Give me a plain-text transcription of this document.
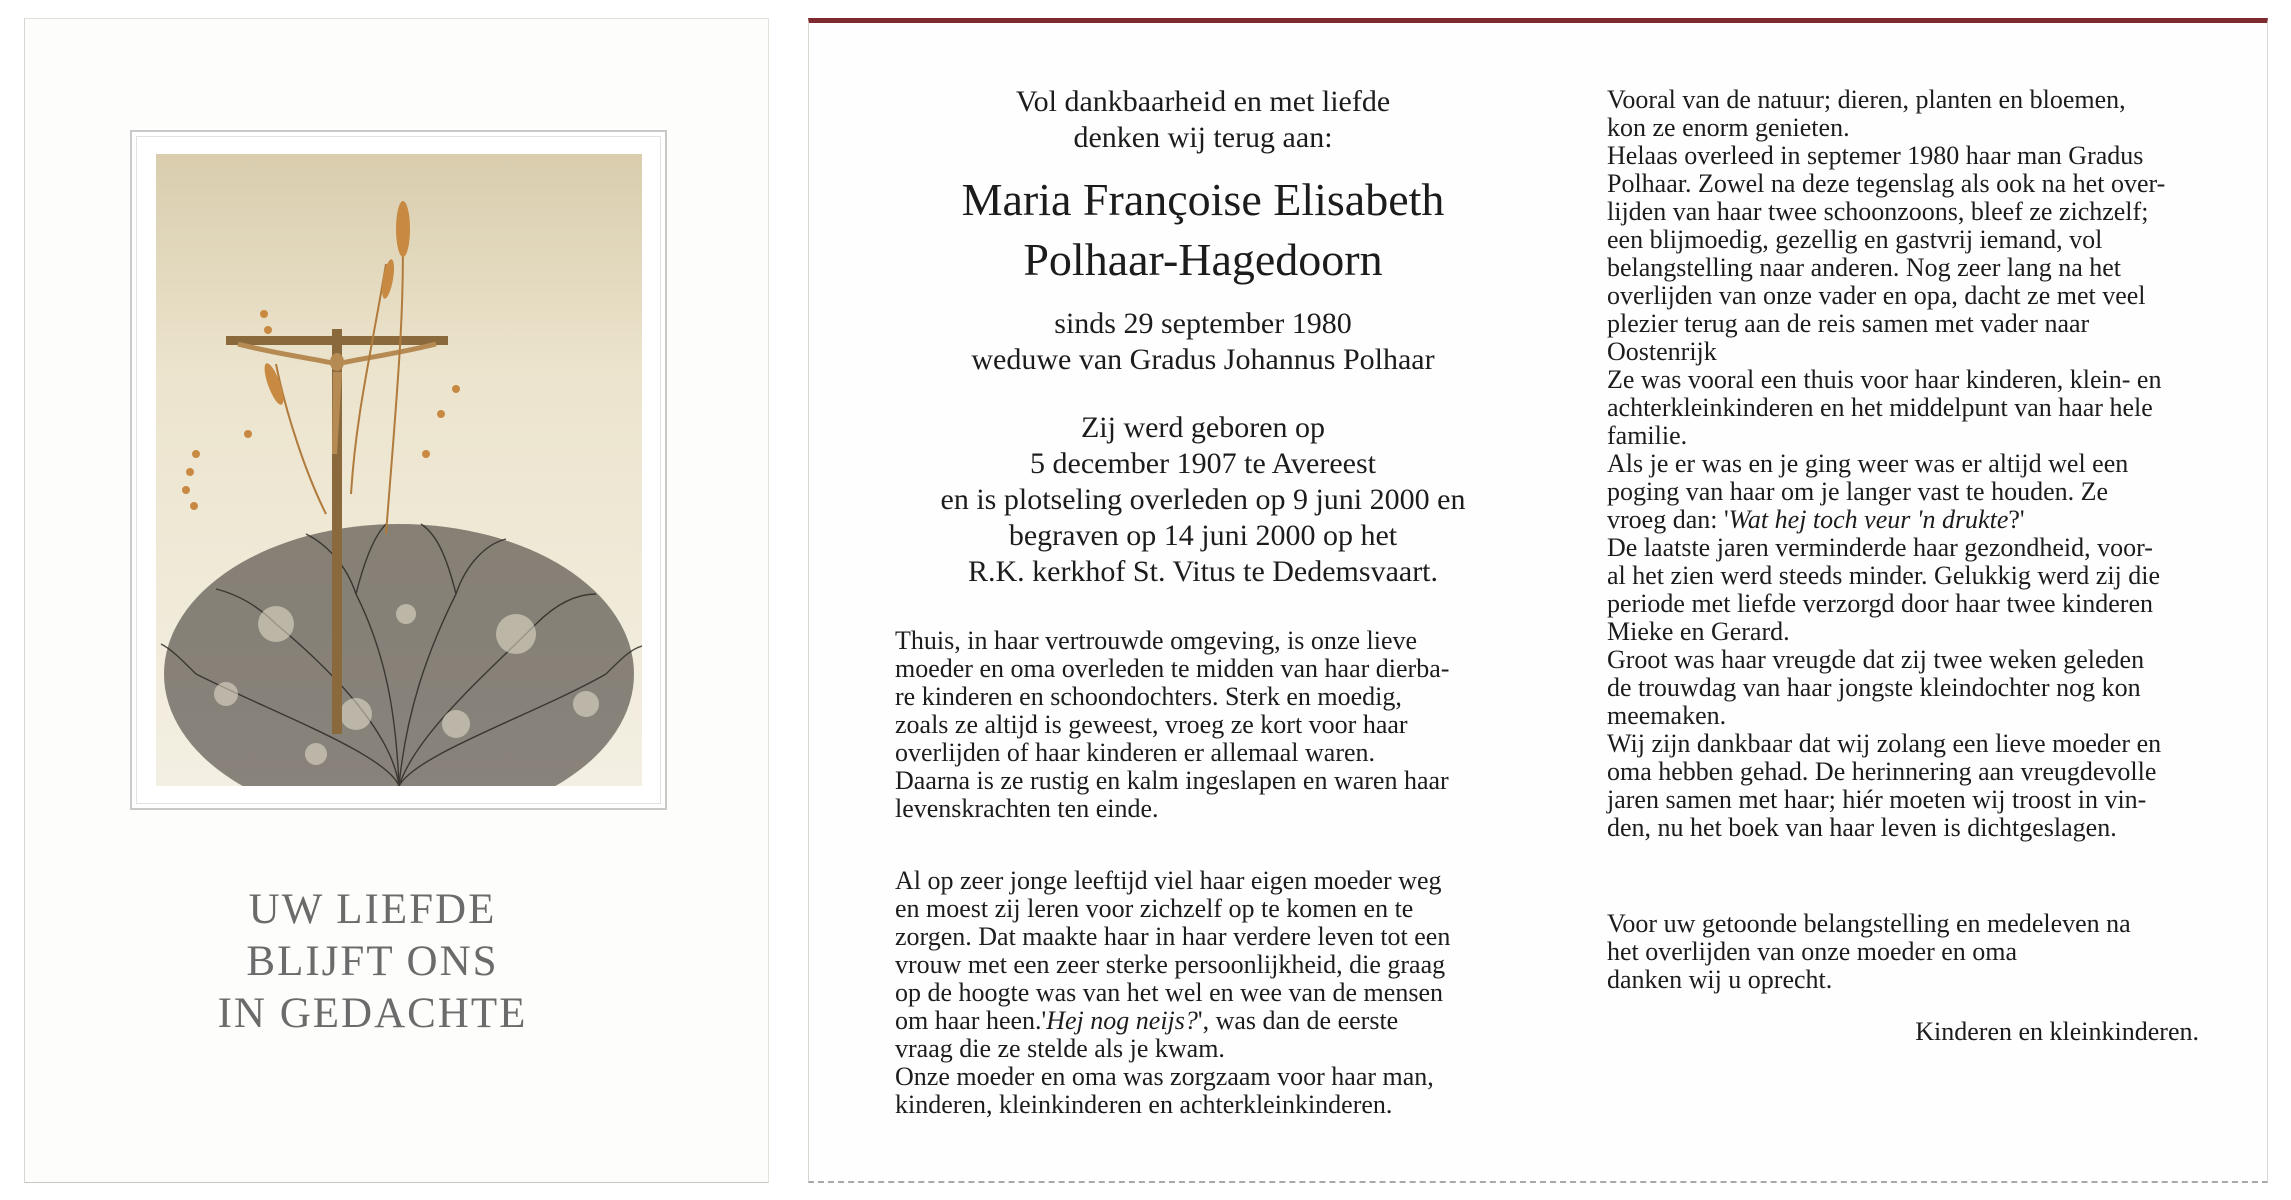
UW LIEFDE
BLIJFT ONS
IN GEDACHTE
Vol dankbaarheid en met liefde
denken wij terug aan:
Maria Françoise Elisabeth
Polhaar-Hagedoorn
sinds 29 september 1980
weduwe van Gradus Johannus Polhaar
Zij werd geboren op
5 december 1907 te Avereest
en is plotseling overleden op 9 juni 2000 en
begraven op 14 juni 2000 op het
R.K. kerkhof St. Vitus te Dedemsvaart.
Thuis, in haar vertrouwde omgeving, is onze lieve
moeder en oma overleden te midden van haar dierba-
re kinderen en schoondochters. Sterk en moedig,
zoals ze altijd is geweest, vroeg ze kort voor haar
overlijden of haar kinderen er allemaal waren.
Daarna is ze rustig en kalm ingeslapen en waren haar
levenskrachten ten einde.
Al op zeer jonge leeftijd viel haar eigen moeder weg
en moest zij leren voor zichzelf op te komen en te
zorgen. Dat maakte haar in haar verdere leven tot een
vrouw met een zeer sterke persoonlijkheid, die graag
op de hoogte was van het wel en wee van de mensen
om haar heen.'Hej nog neijs?', was dan de eerste
vraag die ze stelde als je kwam.
Onze moeder en oma was zorgzaam voor haar man,
kinderen, kleinkinderen en achterkleinkinderen.
Vooral van de natuur; dieren, planten en bloemen,
kon ze enorm genieten.
Helaas overleed in septemer 1980 haar man Gradus
Polhaar. Zowel na deze tegenslag als ook na het over-
lijden van haar twee schoonzoons, bleef ze zichzelf;
een blijmoedig, gezellig en gastvrij iemand, vol
belangstelling naar anderen. Nog zeer lang na het
overlijden van onze vader en opa, dacht ze met veel
plezier terug aan de reis samen met vader naar
Oostenrijk
Ze was vooral een thuis voor haar kinderen, klein- en
achterkleinkinderen en het middelpunt van haar hele
familie.
Als je er was en je ging weer was er altijd wel een
poging van haar om je langer vast te houden. Ze
vroeg dan: 'Wat hej toch veur 'n drukte?'
De laatste jaren verminderde haar gezondheid, voor-
al het zien werd steeds minder. Gelukkig werd zij die
periode met liefde verzorgd door haar twee kinderen
Mieke en Gerard.
Groot was haar vreugde dat zij twee weken geleden
de trouwdag van haar jongste kleindochter nog kon
meemaken.
Wij zijn dankbaar dat wij zolang een lieve moeder en
oma hebben gehad. De herinnering aan vreugdevolle
jaren samen met haar; hiér moeten wij troost in vin-
den, nu het boek van haar leven is dichtgeslagen.
Voor uw getoonde belangstelling en medeleven na
het overlijden van onze moeder en oma
danken wij u oprecht.
Kinderen en kleinkinderen.
